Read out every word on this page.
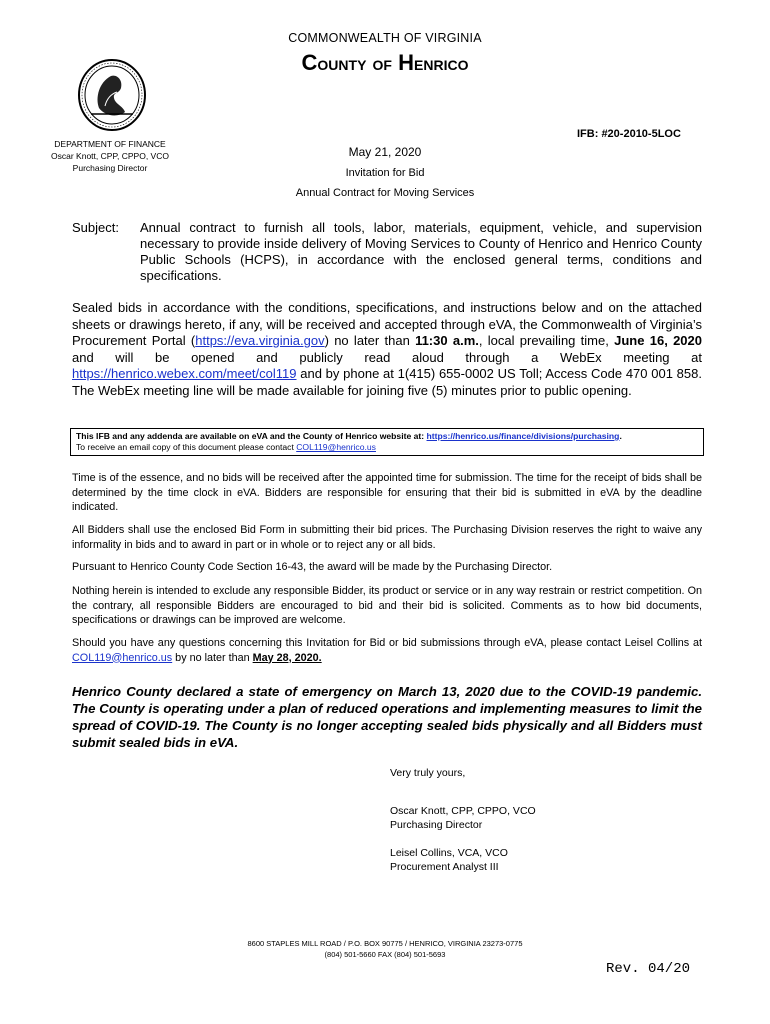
COMMONWEALTH OF VIRGINIA
COUNTY OF HENRICO
DEPARTMENT OF FINANCE
Oscar Knott, CPP, CPPO, VCO
Purchasing Director
IFB: #20-2010-5LOC
May 21, 2020
Invitation for Bid
Annual Contract for Moving Services
Subject: Annual contract to furnish all tools, labor, materials, equipment, vehicle, and supervision necessary to provide inside delivery of Moving Services to County of Henrico and Henrico County Public Schools (HCPS), in accordance with the enclosed general terms, conditions and specifications.
Sealed bids in accordance with the conditions, specifications, and instructions below and on the attached sheets or drawings hereto, if any, will be received and accepted through eVA, the Commonwealth of Virginia’s Procurement Portal (https://eva.virginia.gov) no later than 11:30 a.m., local prevailing time, June 16, 2020 and will be opened and publicly read aloud through a WebEx meeting at https://henrico.webex.com/meet/col119 and by phone at 1(415) 655-0002 US Toll; Access Code 470 001 858. The WebEx meeting line will be made available for joining five (5) minutes prior to public opening.
This IFB and any addenda are available on eVA and the County of Henrico website at: https://henrico.us/finance/divisions/purchasing.
To receive an email copy of this document please contact COL119@henrico.us
Time is of the essence, and no bids will be received after the appointed time for submission. The time for the receipt of bids shall be determined by the time clock in eVA. Bidders are responsible for ensuring that their bid is submitted in eVA by the deadline indicated.
All Bidders shall use the enclosed Bid Form in submitting their bid prices. The Purchasing Division reserves the right to waive any informality in bids and to award in part or in whole or to reject any or all bids.
Pursuant to Henrico County Code Section 16-43, the award will be made by the Purchasing Director.
Nothing herein is intended to exclude any responsible Bidder, its product or service or in any way restrain or restrict competition. On the contrary, all responsible Bidders are encouraged to bid and their bid is solicited. Comments as to how bid documents, specifications or drawings can be improved are welcome.
Should you have any questions concerning this Invitation for Bid or bid submissions through eVA, please contact Leisel Collins at COL119@henrico.us by no later than May 28, 2020.
Henrico County declared a state of emergency on March 13, 2020 due to the COVID-19 pandemic. The County is operating under a plan of reduced operations and implementing measures to limit the spread of COVID-19. The County is no longer accepting sealed bids physically and all Bidders must submit sealed bids in eVA.
Very truly yours,
Oscar Knott, CPP, CPPO, VCO
Purchasing Director
Leisel Collins, VCA, VCO
Procurement Analyst III
8600 STAPLES MILL ROAD / P.O. BOX 90775 / HENRICO, VIRGINIA 23273-0775
(804) 501-5660 FAX (804) 501-5693
Rev. 04/20
